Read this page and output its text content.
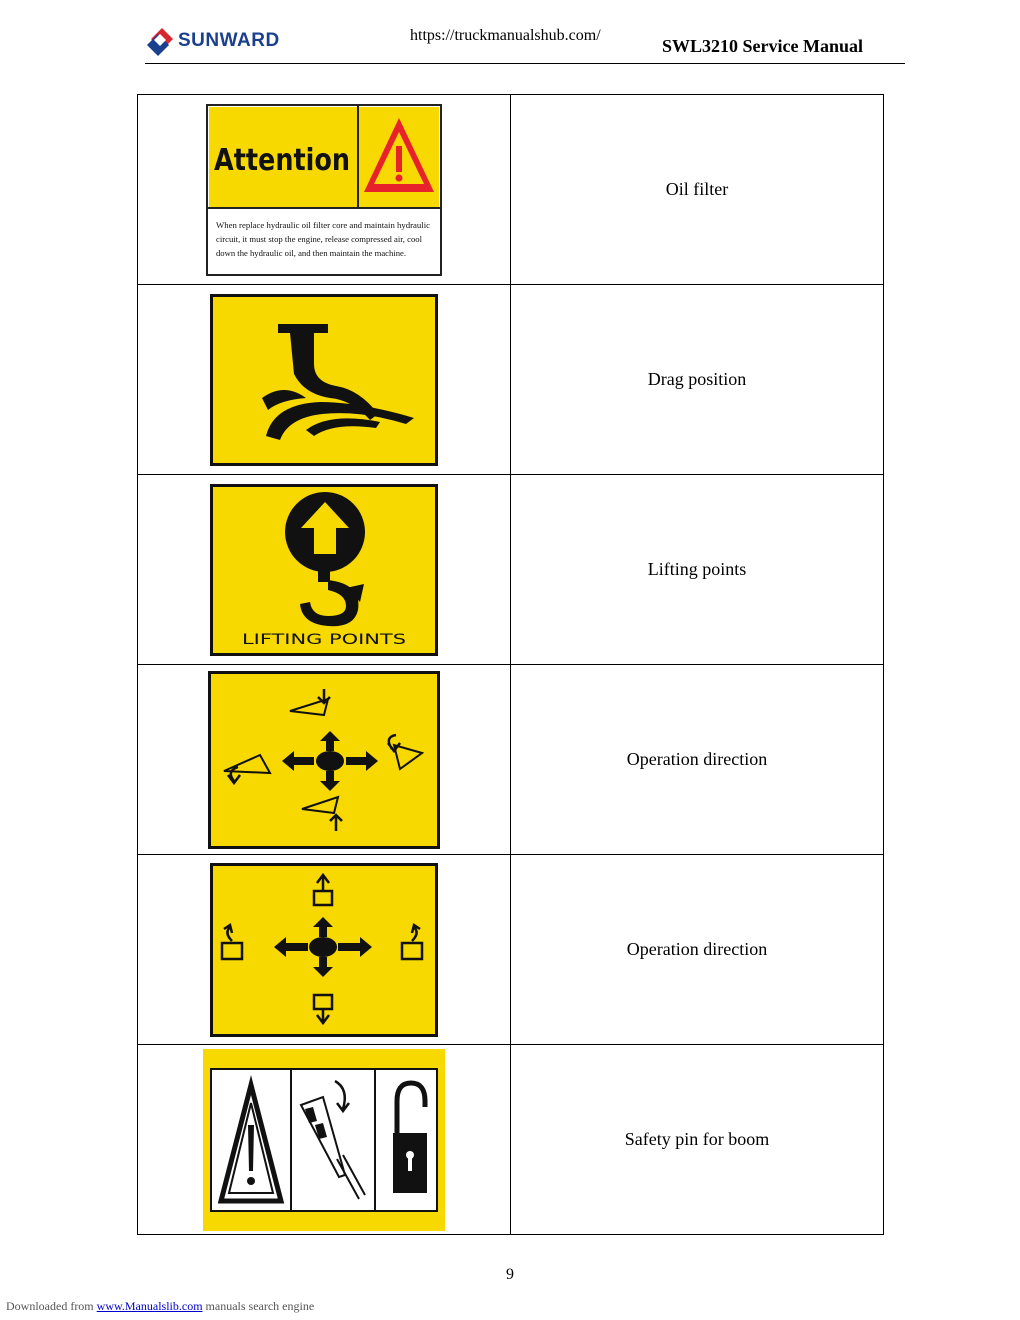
SUNWARD	https://truckmanualshub.com/
SWL3210 Service Manual
Attention
When replace hydraulic oil filter core and maintain hydraulic
circuit, it must stop the engine, release compressed air, cool
down the hydraulic oil, and then maintain the machine.	Oil filter

	Drag position

LIFTING POINTS	Lifting points

	Operation direction

	Operation direction

	Safety pin for boom
9
Downloaded from www.Manualslib.com manuals search engine
